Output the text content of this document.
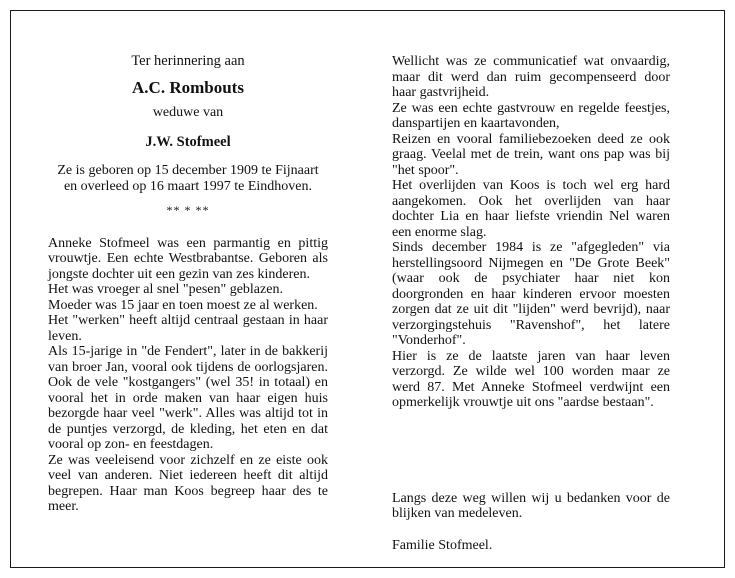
Ter herinnering aan
A.C. Rombouts
weduwe van
J.W. Stofmeel
Ze is geboren op 15 december 1909 te Fijnaart
en overleed op 16 maart 1997 te Eindhoven.
** * **

Anneke Stofmeel was een parmantig en pittig vrouwtje. Een echte Westbrabantse. Geboren als jongste dochter uit een gezin van zes kinderen.

Het was vroeger al snel "pesen" geblazen.

Moeder was 15 jaar en toen moest ze al werken.

Het "werken" heeft altijd centraal gestaan in haar leven.

Als 15-jarige in "de Fendert", later in de bakkerij van broer Jan, vooral ook tijdens de oorlogsjaren. Ook de vele "kostgangers" (wel 35! in totaal) en vooral het in orde maken van haar eigen huis bezorgde haar veel "werk". Alles was altijd tot in de puntjes verzorgd, de kleding, het eten en dat vooral op zon- en feestdagen.

Ze was veeleisend voor zichzelf en ze eiste ook veel van anderen. Niet iedereen heeft dit altijd begrepen. Haar man Koos begreep haar des te meer.

Wellicht was ze communicatief wat onvaardig, maar dit werd dan ruim gecompenseerd door haar gastvrijheid.

Ze was een echte gastvrouw en regelde feestjes, danspartijen en kaartavonden,

Reizen en vooral familiebezoeken deed ze ook graag. Veelal met de trein, want ons pap was bij "het spoor".

Het overlijden van Koos is toch wel erg hard aangekomen. Ook het overlijden van haar dochter Lia en haar liefste vriendin Nel waren een enorme slag.

Sinds december 1984 is ze "afgegleden" via herstellingsoord Nijmegen en "De Grote Beek" (waar ook de psychiater haar niet kon doorgronden en haar kinderen ervoor moesten zorgen dat ze uit dit "lijden" werd bevrijd), naar verzorgingstehuis "Ravenshof", het latere "Vonderhof".

Hier is ze de laatste jaren van haar leven verzorgd. Ze wilde wel 100 worden maar ze werd 87. Met Anneke Stofmeel verdwijnt een opmerkelijk vrouwtje uit ons "aardse bestaan".

Langs deze weg willen wij u bedanken voor de blijken van medeleven.

Familie Stofmeel.
